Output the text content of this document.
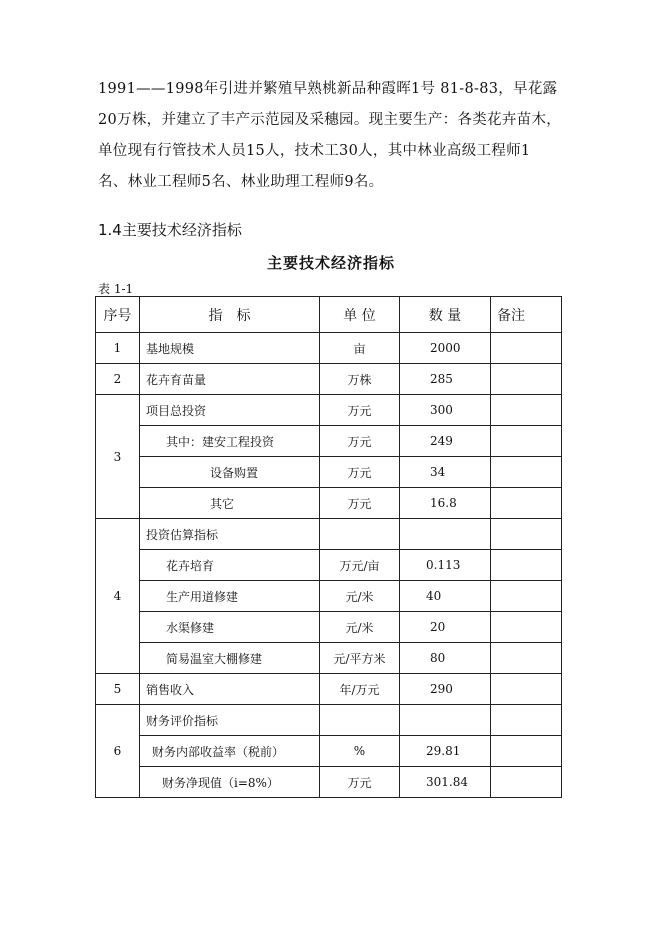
1991——1998年引进并繁殖早熟桃新品种霞晖1号 81-8-83，早花露

20万株，并建立了丰产示范园及采穗园。现主要生产：各类花卉苗木，

单位现有行管技术人员15人，技术工30人，其中林业高级工程师1

名、林业工程师5名、林业助理工程师9名。

1.4主要技术经济指标
主要技术经济指标
表 1-1
序号	指　标	单 位	数 量	备注
1	基地规模	亩	2000	
2	花卉育苗量	万株	285	
3	项目总投资	万元	300	
	其中：建安工程投资	万元	249	
	设备购置	万元	34	
	其它	万元	16.8	
4	投资估算指标			
	花卉培育	万元/亩	0.113	
	生产用道修建	元/米	40	
	水渠修建	元/米	20	
	简易温室大棚修建	元/平方米	80	
5	销售收入	年/万元	290	
6	财务评价指标			
	财务内部收益率（税前）	%	29.81	
	财务净现值（i=8%）	万元	301.84	
